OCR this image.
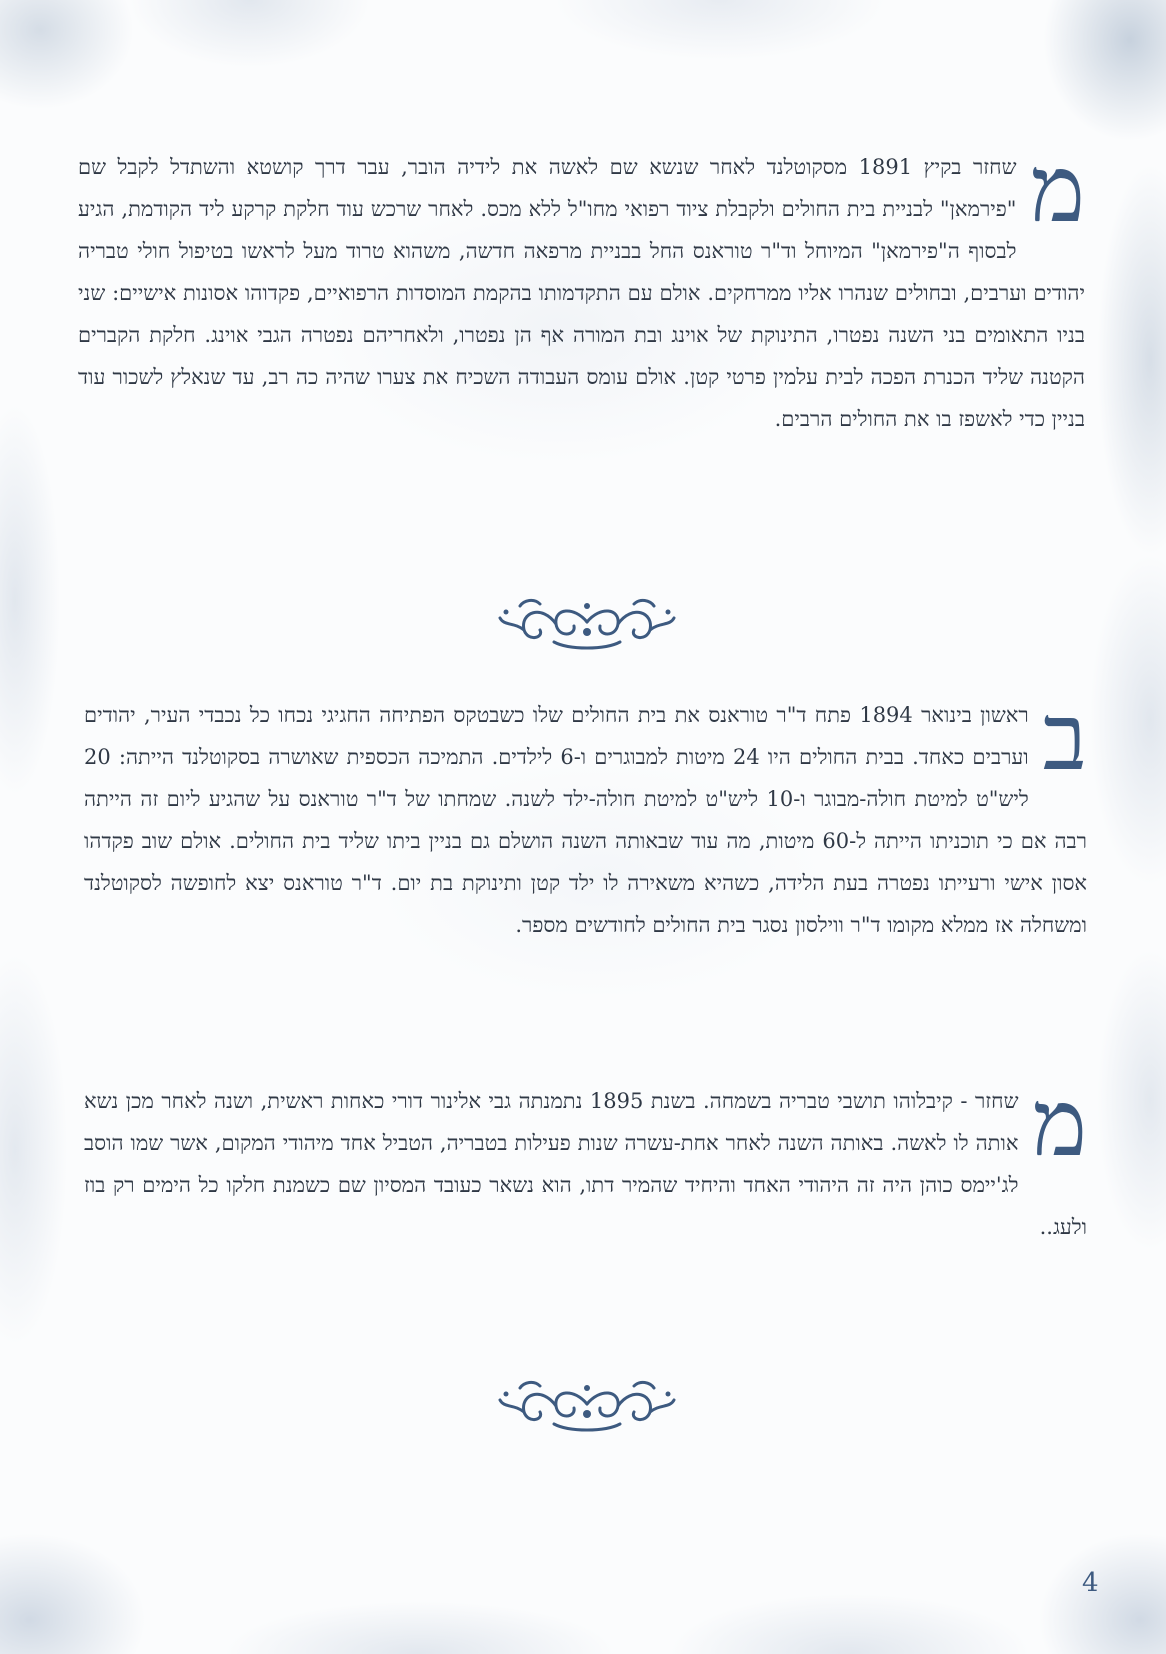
מ
שחזר בקיץ 1891 מסקוטלנד לאחר שנשא שם לאשה את לידיה הובר, עבר דרך קושטא והשתדל לקבל שם "פירמאן" לבניית בית החולים ולקבלת ציוד רפואי מחו"ל ללא מכס. לאחר שרכש עוד חלקת קרקע ליד הקודמת, הגיע לבסוף ה"פירמאן" המיוחל וד"ר טוראנס החל בבניית מרפאה חדשה, משהוא טרוד מעל לראשו בטיפול חולי טבריה יהודים וערבים, ובחולים שנהרו אליו ממרחקים. אולם עם התקדמותו בהקמת המוסדות הרפואיים, פקדוהו אסונות אישיים: שני בניו התאומים בני השנה נפטרו, התינוקת של אוינג ובת המורה אף הן נפטרו, ולאחריהם נפטרה הגבי אוינג. חלקת הקברים הקטנה שליד הכנרת הפכה לבית עלמין פרטי קטן. אולם עומס העבודה השכיח את צערו שהיה כה רב, עד שנאלץ לשכור עוד בניין כדי לאשפז בו את החולים הרבים.

ב
ראשון בינואר 1894 פתח ד"ר טוראנס את בית החולים שלו כשבטקס הפתיחה החגיגי נכחו כל נכבדי העיר, יהודים וערבים כאחד. בבית החולים היו 24 מיטות למבוגרים ו-6 לילדים. התמיכה הכספית שאושרה בסקוטלנד הייתה: 20 ליש"ט למיטת חולה-מבוגר ו-10 ליש"ט למיטת חולה-ילד לשנה. שמחתו של ד"ר טוראנס על שהגיע ליום זה הייתה רבה אם כי תוכניתו הייתה ל-60 מיטות, מה עוד שבאותה השנה הושלם גם בניין ביתו שליד בית החולים. אולם שוב פקדהו אסון אישי ורעייתו נפטרה בעת הלידה, כשהיא משאירה לו ילד קטן ותינוקת בת יום. ד"ר טוראנס יצא לחופשה לסקוטלנד ומשחלה אז ממלא מקומו ד"ר ווילסון נסגר בית החולים לחודשים מספר.

מ
שחזר - קיבלוהו תושבי טבריה בשמחה. בשנת 1895 נתמנתה גבי אלינור דורי כאחות ראשית, ושנה לאחר מכן נשא אותה לו לאשה. באותה השנה לאחר אחת-עשרה שנות פעילות בטבריה, הטביל אחד מיהודי המקום, אשר שמו הוסב לג'יימס כוהן היה זה היהודי האחד והיחיד שהמיר דתו, הוא נשאר כעובד המסיון שם כשמנת חלקו כל הימים רק בוז ולעג..

4
